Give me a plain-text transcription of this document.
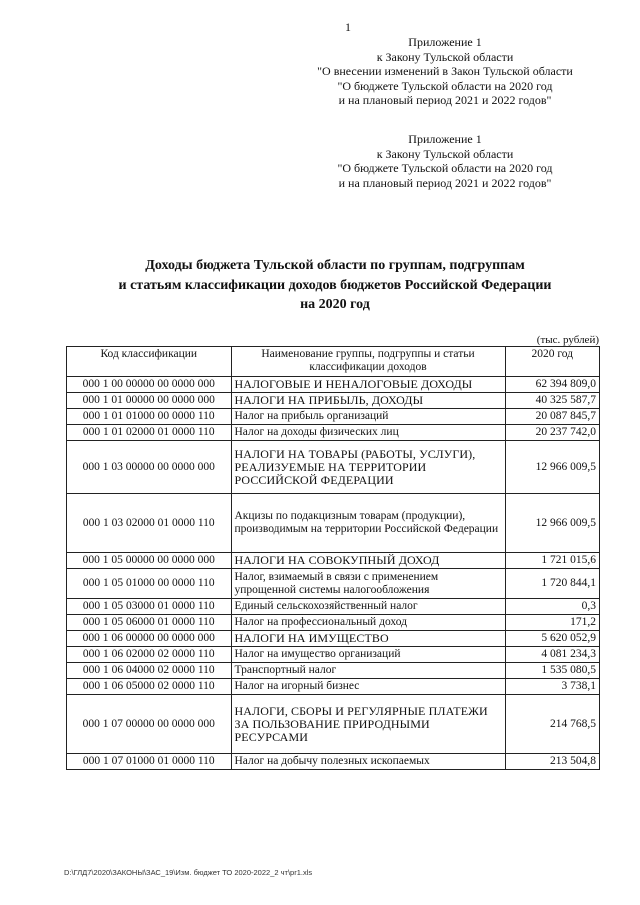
1
Приложение 1
к Закону Тульской области
"О внесении изменений в Закон Тульской области
"О бюджете Тульской области на 2020 год
и на плановый период 2021 и 2022 годов"
Приложение 1
к Закону Тульской области
"О бюджете Тульской области на 2020 год
и на плановый период 2021 и 2022 годов"
Доходы бюджета Тульской области по группам, подгруппам
и статьям классификации доходов бюджетов Российской Федерации
на 2020 год
(тыс. рублей)
Код классификации	Наименование группы, подгруппы и статьи классификации доходов	2020 год
000 1 00 00000 00 0000 000	НАЛОГОВЫЕ И НЕНАЛОГОВЫЕ ДОХОДЫ	62 394 809,0
000 1 01 00000 00 0000 000	НАЛОГИ НА ПРИБЫЛЬ, ДОХОДЫ	40 325 587,7
000 1 01 01000 00 0000 110	Налог на прибыль организаций	20 087 845,7
000 1 01 02000 01 0000 110	Налог на доходы физических лиц	20 237 742,0
000 1 03 00000 00 0000 000	НАЛОГИ НА ТОВАРЫ (РАБОТЫ, УСЛУГИ), РЕАЛИЗУЕМЫЕ НА ТЕРРИТОРИИ РОССИЙСКОЙ ФЕДЕРАЦИИ	12 966 009,5
000 1 03 02000 01 0000 110	Акцизы по подакцизным товарам (продукции), производимым на территории Российской Федерации	12 966 009,5
000 1 05 00000 00 0000 000	НАЛОГИ НА СОВОКУПНЫЙ ДОХОД	1 721 015,6
000 1 05 01000 00 0000 110	Налог, взимаемый в связи с применением упрощенной системы налогообложения	1 720 844,1
000 1 05 03000 01 0000 110	Единый сельскохозяйственный налог	0,3
000 1 05 06000 01 0000 110	Налог на профессиональный доход	171,2
000 1 06 00000 00 0000 000	НАЛОГИ НА ИМУЩЕСТВО	5 620 052,9
000 1 06 02000 02 0000 110	Налог на имущество организаций	4 081 234,3
000 1 06 04000 02 0000 110	Транспортный налог	1 535 080,5
000 1 06 05000 02 0000 110	Налог на игорный бизнес	3 738,1
000 1 07 00000 00 0000 000	НАЛОГИ, СБОРЫ И РЕГУЛЯРНЫЕ ПЛАТЕЖИ ЗА ПОЛЬЗОВАНИЕ ПРИРОДНЫМИ РЕСУРСАМИ	214 768,5
000 1 07 01000 01 0000 110	Налог на добычу полезных ископаемых	213 504,8
D:\ГЛД7\2020\ЗАКОНЫ\ЗАС_19\Изм. бюджет ТО 2020-2022_2 чт\pr1.xls
